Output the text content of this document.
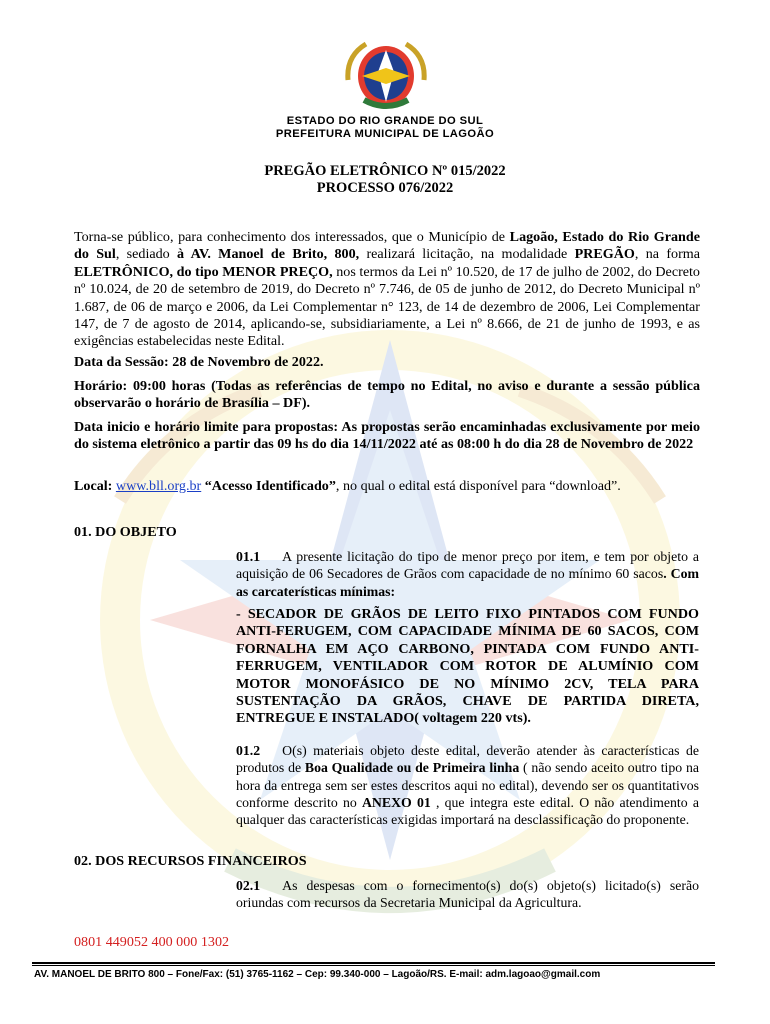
ESTADO DO RIO GRANDE DO SUL
PREFEITURA MUNICIPAL DE LAGOÃO
PREGÃO ELETRÔNICO Nº 015/2022
PROCESSO 076/2022
Torna-se público, para conhecimento dos interessados, que o Município de Lagoão, Estado do Rio Grande do Sul, sediado à AV. Manoel de Brito, 800, realizará licitação, na modalidade PREGÃO, na forma ELETRÔNICO, do tipo MENOR PREÇO, nos termos da Lei nº 10.520, de 17 de julho de 2002, do Decreto nº 10.024, de 20 de setembro de 2019, do Decreto nº 7.746, de 05 de junho de 2012, do Decreto Municipal nº 1.687, de 06 de março e 2006, da Lei Complementar n° 123, de 14 de dezembro de 2006, Lei Complementar 147, de 7 de agosto de 2014, aplicando-se, subsidiariamente, a Lei nº 8.666, de 21 de junho de 1993, e as exigências estabelecidas neste Edital.
Data da Sessão: 28 de Novembro de 2022.
Horário: 09:00 horas (Todas as referências de tempo no Edital, no aviso e durante a sessão pública observarão o horário de Brasília – DF).
Data inicio e horário limite para propostas: As propostas serão encaminhadas exclusivamente por meio do sistema eletrônico a partir das 09 hs do dia 14/11/2022 até as 08:00 h do dia 28 de Novembro de 2022
Local: www.bll.org.br “Acesso Identificado”, no qual o edital está disponível para “download”.
01. DO OBJETO
01.1 A presente licitação do tipo de menor preço por item, e tem por objeto a aquisição de 06 Secadores de Grãos com capacidade de no mínimo 60 sacos. Com as carcaterísticas mínimas:
- SECADOR DE GRÃOS DE LEITO FIXO PINTADOS COM FUNDO ANTI-FERUGEM, COM CAPACIDADE MÍNIMA DE 60 SACOS, COM FORNALHA EM AÇO CARBONO, PINTADA COM FUNDO ANTI-FERRUGEM, VENTILADOR COM ROTOR DE ALUMÍNIO COM MOTOR MONOFÁSICO DE NO MÍNIMO 2CV, TELA PARA SUSTENTAÇÃO DA GRÃOS, CHAVE DE PARTIDA DIRETA, ENTREGUE E INSTALADO( voltagem 220 vts).
01.2 O(s) materiais objeto deste edital, deverão atender às características de produtos de Boa Qualidade ou de Primeira linha ( não sendo aceito outro tipo na hora da entrega sem ser estes descritos aqui no edital), devendo ser os quantitativos conforme descrito no ANEXO 01 , que integra este edital. O não atendimento a qualquer das características exigidas importará na desclassificação do proponente.
02. DOS RECURSOS FINANCEIROS
02.1 As despesas com o fornecimento(s) do(s) objeto(s) licitado(s) serão oriundas com recursos da Secretaria Municipal da Agricultura.
0801 449052 400 000 1302
AV. MANOEL DE BRITO 800 – Fone/Fax: (51) 3765-1162 – Cep: 99.340-000 – Lagoão/RS. E-mail: adm.lagoao@gmail.com
